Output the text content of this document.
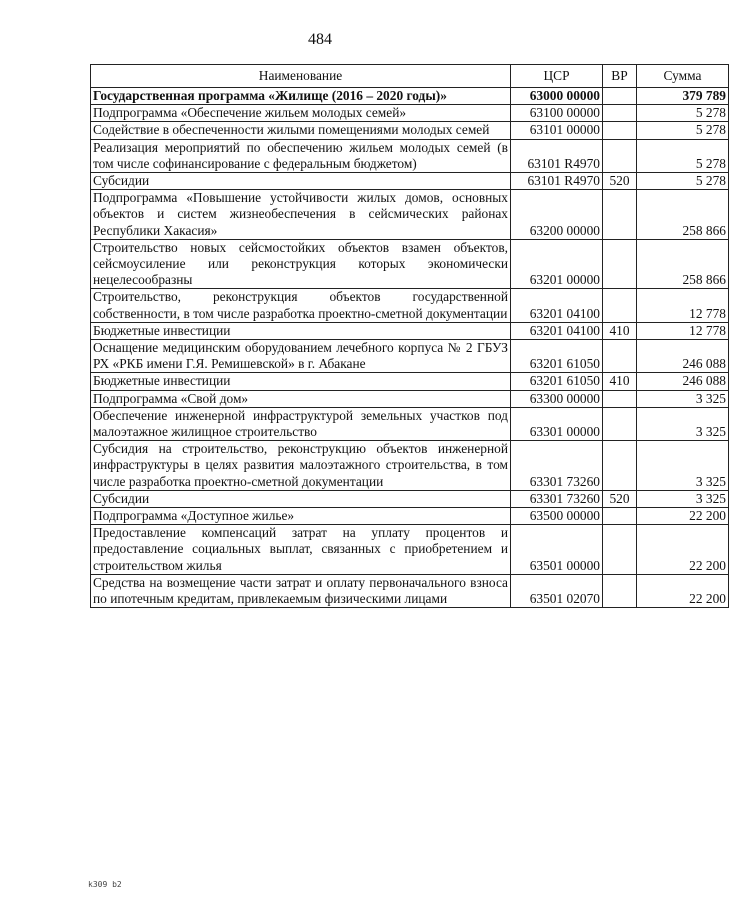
484
Наименование	ЦСР	ВР	Сумма
Государственная программа «Жилище (2016 – 2020 годы)»	63000 00000		379 789
Подпрограмма «Обеспечение жильем молодых семей»	63100 00000		5 278
Содействие в обеспеченности жилыми помещениями молодых семей	63101 00000		5 278
Реализация мероприятий по обеспечению жильем молодых семей (в том числе софинансирование с федеральным бюджетом)	63101 R4970		5 278
Субсидии	63101 R4970	520	5 278
Подпрограмма «Повышение устойчивости жилых домов, основных объектов и систем жизнеобеспечения в сейсмических районах Республики Хакасия»	63200 00000		258 866
Строительство новых сейсмостойких объектов взамен объектов, сейсмоусиление или реконструкция которых экономически нецелесообразны	63201 00000		258 866
Строительство, реконструкция объектов государственной собственности, в том числе разработка проектно-сметной документации	63201 04100		12 778
Бюджетные инвестиции	63201 04100	410	12 778
Оснащение медицинским оборудованием лечебного корпуса № 2 ГБУЗ РХ «РКБ имени Г.Я. Ремишевской» в г. Абакане	63201 61050		246 088
Бюджетные инвестиции	63201 61050	410	246 088
Подпрограмма «Свой дом»	63300 00000		3 325
Обеспечение инженерной инфраструктурой земельных участков под малоэтажное жилищное строительство	63301 00000		3 325
Субсидия на строительство, реконструкцию объектов инженерной инфраструктуры в целях развития малоэтажного строительства, в том числе разработка проектно-сметной документации	63301 73260		3 325
Субсидии	63301 73260	520	3 325
Подпрограмма «Доступное жилье»	63500 00000		22 200
Предоставление компенсаций затрат на уплату процентов и предоставление социальных выплат, связанных с приобретением и строительством жилья	63501 00000		22 200
Средства на возмещение части затрат и оплату первоначального взноса по ипотечным кредитам, привлекаемым физическими лицами	63501 02070		22 200
k309 b2
